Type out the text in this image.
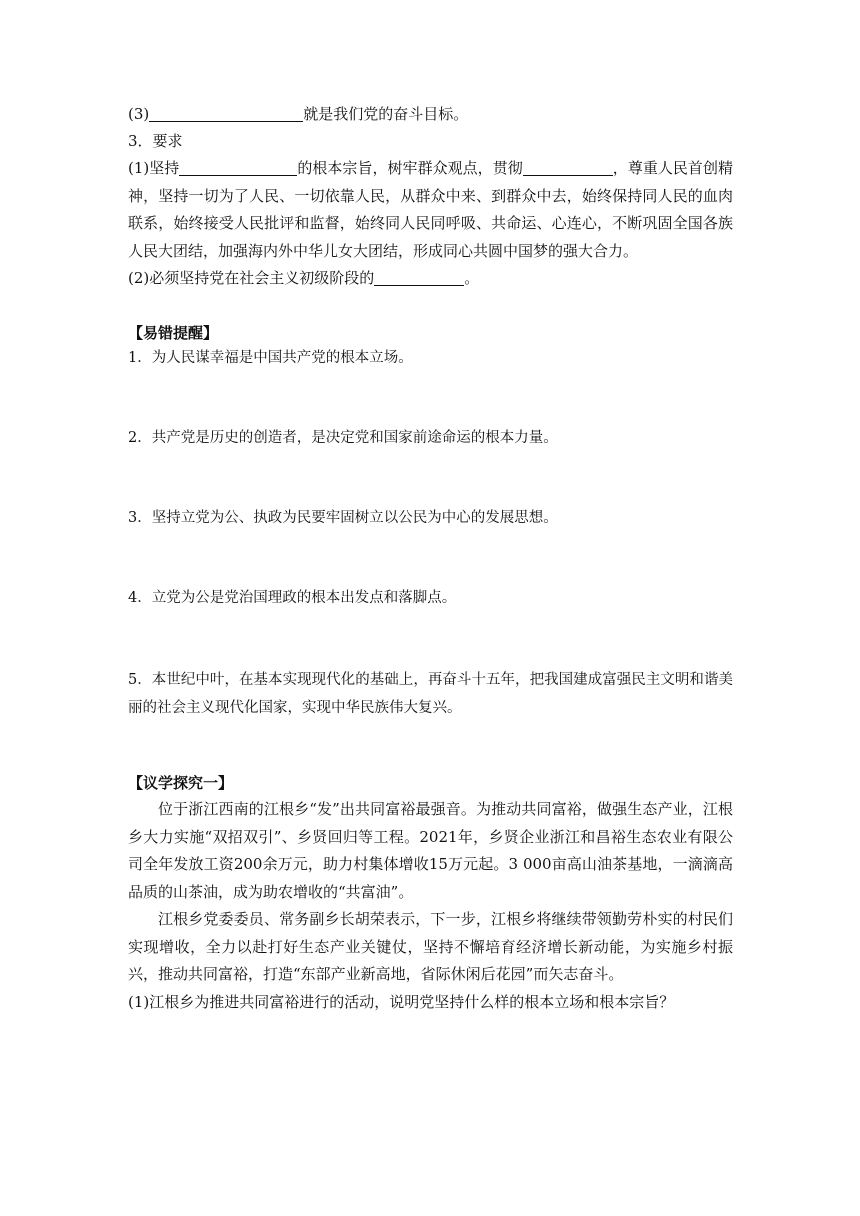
(3)	就是我们党的奋斗目标。
3．要求
(1)坚持	的根本宗旨，树牢群众观点，贯彻	，尊重人民首创精神，坚持一切为了人民、一切依靠人民，从群众中来、到群众中去，始终保持同人民的血肉联系，始终接受人民批评和监督，始终同人民同呼吸、共命运、心连心，不断巩固全国各族人民大团结，加强海内外中华儿女大团结，形成同心共圆中国梦的强大合力。
(2)必须坚持党在社会主义初级阶段的	。
【易错提醒】
1．为人民谋幸福是中国共产党的根本立场。
2．共产党是历史的创造者，是决定党和国家前途命运的根本力量。
3．坚持立党为公、执政为民要牢固树立以公民为中心的发展思想。
4．立党为公是党治国理政的根本出发点和落脚点。
5．本世纪中叶，在基本实现现代化的基础上，再奋斗十五年，把我国建成富强民主文明和谐美丽的社会主义现代化国家，实现中华民族伟大复兴。
【议学探究一】
位于浙江西南的江根乡“发”出共同富裕最强音。为推动共同富裕，做强生态产业，江根乡大力实施“双招双引”、乡贤回归等工程。2021年，乡贤企业浙江和昌裕生态农业有限公司全年发放工资200余万元，助力村集体增收15万元起。3 000亩高山油茶基地，一滴滴高品质的山茶油，成为助农增收的“共富油”。
江根乡党委委员、常务副乡长胡荣表示，下一步，江根乡将继续带领勤劳朴实的村民们实现增收，全力以赴打好生态产业关键仗，坚持不懈培育经济增长新动能，为实施乡村振兴，推动共同富裕，打造“东部产业新高地，省际休闲后花园”而矢志奋斗。
(1)江根乡为推进共同富裕进行的活动，说明党坚持什么样的根本立场和根本宗旨？
